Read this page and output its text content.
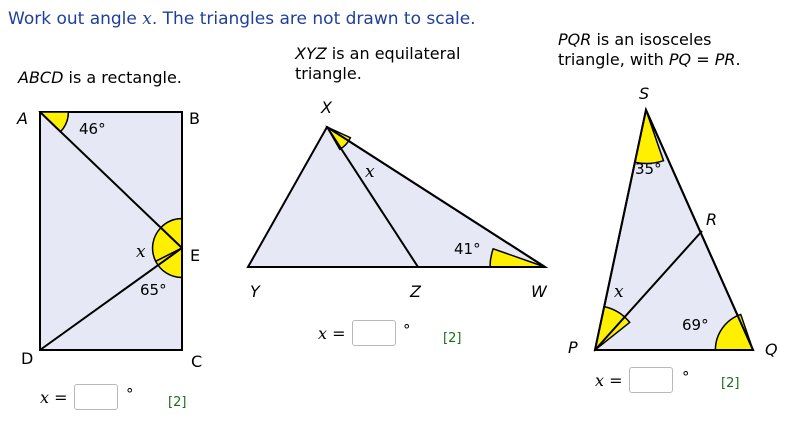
Work out angle x. The triangles are not drawn to scale.
ABCD is a rectangle.
A	B
C
D
E
46°
65°
x
x =	°	[2]
XYZ is an equilateral
triangle.
X
Y	Z	W
x
41°
x =	°	[2]
PQR is an isosceles
triangle, with PQ = PR.
S
R
P	Q
35°
69°
x
x =	° [2]
